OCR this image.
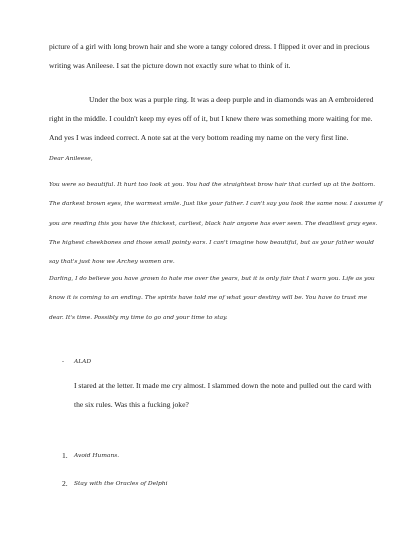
picture of a girl with long brown hair and she wore a tangy colored dress. I flipped it over and in precious writing was Anileese. I sat the picture down not exactly sure what to think of it.

Under the box was a purple ring. It was a deep purple and in diamonds was an A embroidered right in the middle. I couldn't keep my eyes off of it, but I knew there was something more waiting for me. And yes I was indeed correct. A note sat at the very bottom reading my name on the very first line.

Dear Anileese,

You were so beautiful. It hurt too look at you. You had the straightest brow hair that curled up at the bottom. The darkest brown eyes, the warmest smile. Just like your father. I can't say you look the same now. I assume if you are reading this you have the thickest, curliest, black hair anyone has ever seen. The deadliest gray eyes. The highest cheekbones and those small pointy ears. I can't imagine how beautiful, but as your father would say that's just how we Archey women are.

Darling, I do believe you have grown to hate me over the years, but it is only fair that I warn you. Life as you know it is coming to an ending. The spirits have told me of what your destiny will be. You have to trust me dear. It's time. Possibly my time to go and your time to stay.

- ALAD

I stared at the letter. It made me cry almost. I slammed down the note and pulled out the card with the six rules. Was this a fucking joke?

1. Avoid Humans.
2. Stay with the Oracles of Delphi
